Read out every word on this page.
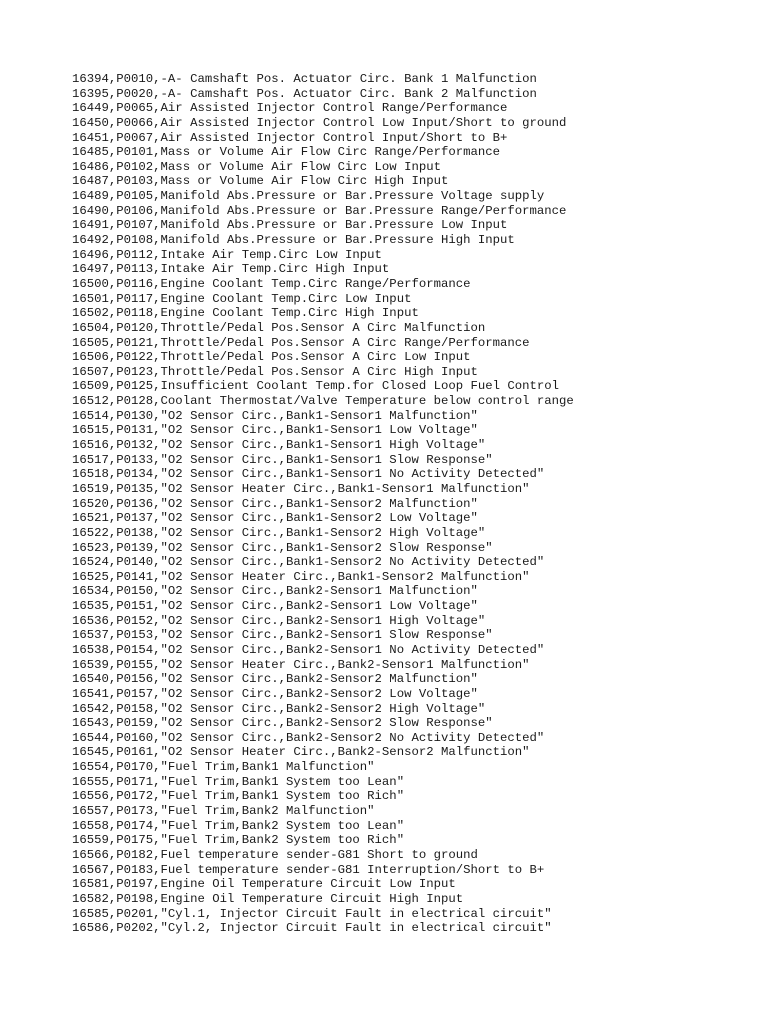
16394,P0010,-A- Camshaft Pos. Actuator Circ. Bank 1 Malfunction
16395,P0020,-A- Camshaft Pos. Actuator Circ. Bank 2 Malfunction
16449,P0065,Air Assisted Injector Control Range/Performance
16450,P0066,Air Assisted Injector Control Low Input/Short to ground
16451,P0067,Air Assisted Injector Control Input/Short to B+
16485,P0101,Mass or Volume Air Flow Circ Range/Performance
16486,P0102,Mass or Volume Air Flow Circ Low Input
16487,P0103,Mass or Volume Air Flow Circ High Input
16489,P0105,Manifold Abs.Pressure or Bar.Pressure Voltage supply
16490,P0106,Manifold Abs.Pressure or Bar.Pressure Range/Performance
16491,P0107,Manifold Abs.Pressure or Bar.Pressure Low Input
16492,P0108,Manifold Abs.Pressure or Bar.Pressure High Input
16496,P0112,Intake Air Temp.Circ Low Input
16497,P0113,Intake Air Temp.Circ High Input
16500,P0116,Engine Coolant Temp.Circ Range/Performance
16501,P0117,Engine Coolant Temp.Circ Low Input
16502,P0118,Engine Coolant Temp.Circ High Input
16504,P0120,Throttle/Pedal Pos.Sensor A Circ Malfunction
16505,P0121,Throttle/Pedal Pos.Sensor A Circ Range/Performance
16506,P0122,Throttle/Pedal Pos.Sensor A Circ Low Input
16507,P0123,Throttle/Pedal Pos.Sensor A Circ High Input
16509,P0125,Insufficient Coolant Temp.for Closed Loop Fuel Control
16512,P0128,Coolant Thermostat/Valve Temperature below control range
16514,P0130,"O2 Sensor Circ.,Bank1-Sensor1 Malfunction"
16515,P0131,"O2 Sensor Circ.,Bank1-Sensor1 Low Voltage"
16516,P0132,"O2 Sensor Circ.,Bank1-Sensor1 High Voltage"
16517,P0133,"O2 Sensor Circ.,Bank1-Sensor1 Slow Response"
16518,P0134,"O2 Sensor Circ.,Bank1-Sensor1 No Activity Detected"
16519,P0135,"O2 Sensor Heater Circ.,Bank1-Sensor1 Malfunction"
16520,P0136,"O2 Sensor Circ.,Bank1-Sensor2 Malfunction"
16521,P0137,"O2 Sensor Circ.,Bank1-Sensor2 Low Voltage"
16522,P0138,"O2 Sensor Circ.,Bank1-Sensor2 High Voltage"
16523,P0139,"O2 Sensor Circ.,Bank1-Sensor2 Slow Response"
16524,P0140,"O2 Sensor Circ.,Bank1-Sensor2 No Activity Detected"
16525,P0141,"O2 Sensor Heater Circ.,Bank1-Sensor2 Malfunction"
16534,P0150,"O2 Sensor Circ.,Bank2-Sensor1 Malfunction"
16535,P0151,"O2 Sensor Circ.,Bank2-Sensor1 Low Voltage"
16536,P0152,"O2 Sensor Circ.,Bank2-Sensor1 High Voltage"
16537,P0153,"O2 Sensor Circ.,Bank2-Sensor1 Slow Response"
16538,P0154,"O2 Sensor Circ.,Bank2-Sensor1 No Activity Detected"
16539,P0155,"O2 Sensor Heater Circ.,Bank2-Sensor1 Malfunction"
16540,P0156,"O2 Sensor Circ.,Bank2-Sensor2 Malfunction"
16541,P0157,"O2 Sensor Circ.,Bank2-Sensor2 Low Voltage"
16542,P0158,"O2 Sensor Circ.,Bank2-Sensor2 High Voltage"
16543,P0159,"O2 Sensor Circ.,Bank2-Sensor2 Slow Response"
16544,P0160,"O2 Sensor Circ.,Bank2-Sensor2 No Activity Detected"
16545,P0161,"O2 Sensor Heater Circ.,Bank2-Sensor2 Malfunction"
16554,P0170,"Fuel Trim,Bank1 Malfunction"
16555,P0171,"Fuel Trim,Bank1 System too Lean"
16556,P0172,"Fuel Trim,Bank1 System too Rich"
16557,P0173,"Fuel Trim,Bank2 Malfunction"
16558,P0174,"Fuel Trim,Bank2 System too Lean"
16559,P0175,"Fuel Trim,Bank2 System too Rich"
16566,P0182,Fuel temperature sender-G81 Short to ground
16567,P0183,Fuel temperature sender-G81 Interruption/Short to B+
16581,P0197,Engine Oil Temperature Circuit Low Input
16582,P0198,Engine Oil Temperature Circuit High Input
16585,P0201,"Cyl.1, Injector Circuit Fault in electrical circuit"
16586,P0202,"Cyl.2, Injector Circuit Fault in electrical circuit"
